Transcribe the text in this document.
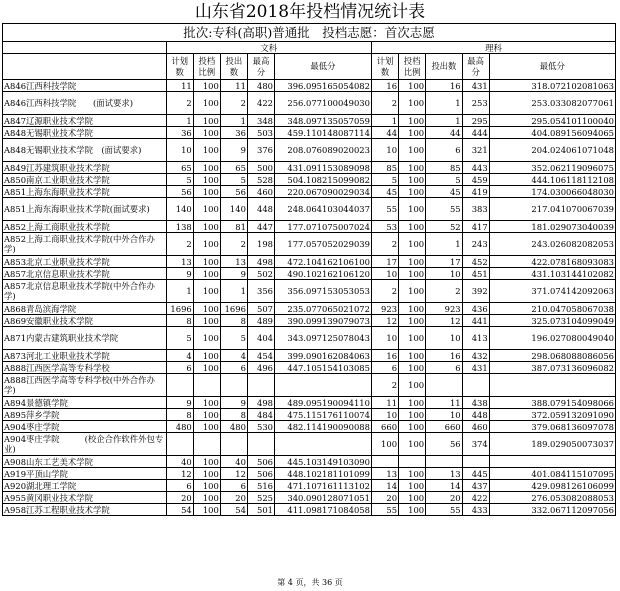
山东省2018年投档情况统计表
批次:专科(高职)普通批　投档志愿：首次志愿										
	文科					理科				
	计划数	投档比例	投出数	最高分	最低分	计划数	投档比例	投出数	最高分	最低分
A846江西科技学院	11	100	11	480	396.095165054082	16	100	16	431	318.072102081063
A846江西科技学院　　(面试要求)	2	100	2	422	256.077100049030	2	100	1	253	253.033082077061
A847辽源职业技术学院	1	100	1	348	348.097135057059	1	100	1	295	295.054101100040
A848无锡职业技术学院	36	100	36	503	459.110148087114	44	100	44	444	404.089156094065
A848无锡职业技术学院　(面试要求)	10	100	9	376	208.076089020023	10	100	6	321	204.024061071048
A849江苏建筑职业技术学院	65	100	65	500	431.091153089098	85	100	85	443	352.062119096075
A850南京工业职业技术学院	5	100	5	528	504.108215099082	5	100	5	459	444.106118112108
A851上海东海职业技术学院	56	100	56	460	220.067090029034	45	100	45	419	174.030066048030
A851上海东海职业技术学院(面试要求)	140	100	140	448	248.064103044037	55	100	55	383	217.041070067039
A852上海工商职业技术学院	138	100	81	447	177.071075007024	53	100	52	417	181.029073040039
A852上海工商职业技术学院(中外合作办学)	2	100	2	198	177.057052029039	2	100	1	243	243.026082082053
A853北京工业职业技术学院	13	100	13	498	472.104162106100	17	100	17	452	422.078168093083
A857北京信息职业技术学院	9	100	9	502	490.102162106120	10	100	10	451	431.103144102082
A857北京信息职业技术学院(中外合作办学)	1	100	1	356	356.097153053053	2	100	2	392	371.074142092063
A868青岛滨海学院	1696	100	1696	507	235.077065021072	923	100	923	436	210.047058067038
A869安徽职业技术学院	8	100	8	489	390.099139079073	12	100	12	441	325.073104099049
A871内蒙古建筑职业技术学院	5	100	5	404	343.097125078043	10	100	10	413	196.027080049040
A873河北工业职业技术学院	4	100	4	454	399.090162084063	16	100	16	432	298.068088086056
A888江西医学高等专科学校	6	100	6	496	447.105154103085	6	100	6	431	387.073136096082
A888江西医学高等专科学校(中外合作办学)						2	100			
A894景德镇学院	9	100	9	498	489.095190094110	11	100	11	438	388.079154098066
A895萍乡学院	8	100	8	484	475.115176110074	10	100	10	448	372.059132091090
A904枣庄学院	480	100	480	530	482.114190090088	660	100	660	460	379.068136097078
A904枣庄学院　　　(校企合作软件外包专业)						100	100	56	374	189.029050073037
A908山东工艺美术学院	40	100	40	506	445.103149103090					
A919平顶山学院	12	100	12	506	448.102181101099	13	100	13	445	401.084115107095
A920湖北理工学院	6	100	6	516	471.107161113102	14	100	14	437	429.098126106099
A955黄冈职业技术学院	20	100	20	525	340.090128071051	20	100	20	422	276.053082088053
A958江苏工程职业技术学院	54	100	54	501	411.098171084058	55	100	55	433	332.067112097056
第 4 页，共 36 页
